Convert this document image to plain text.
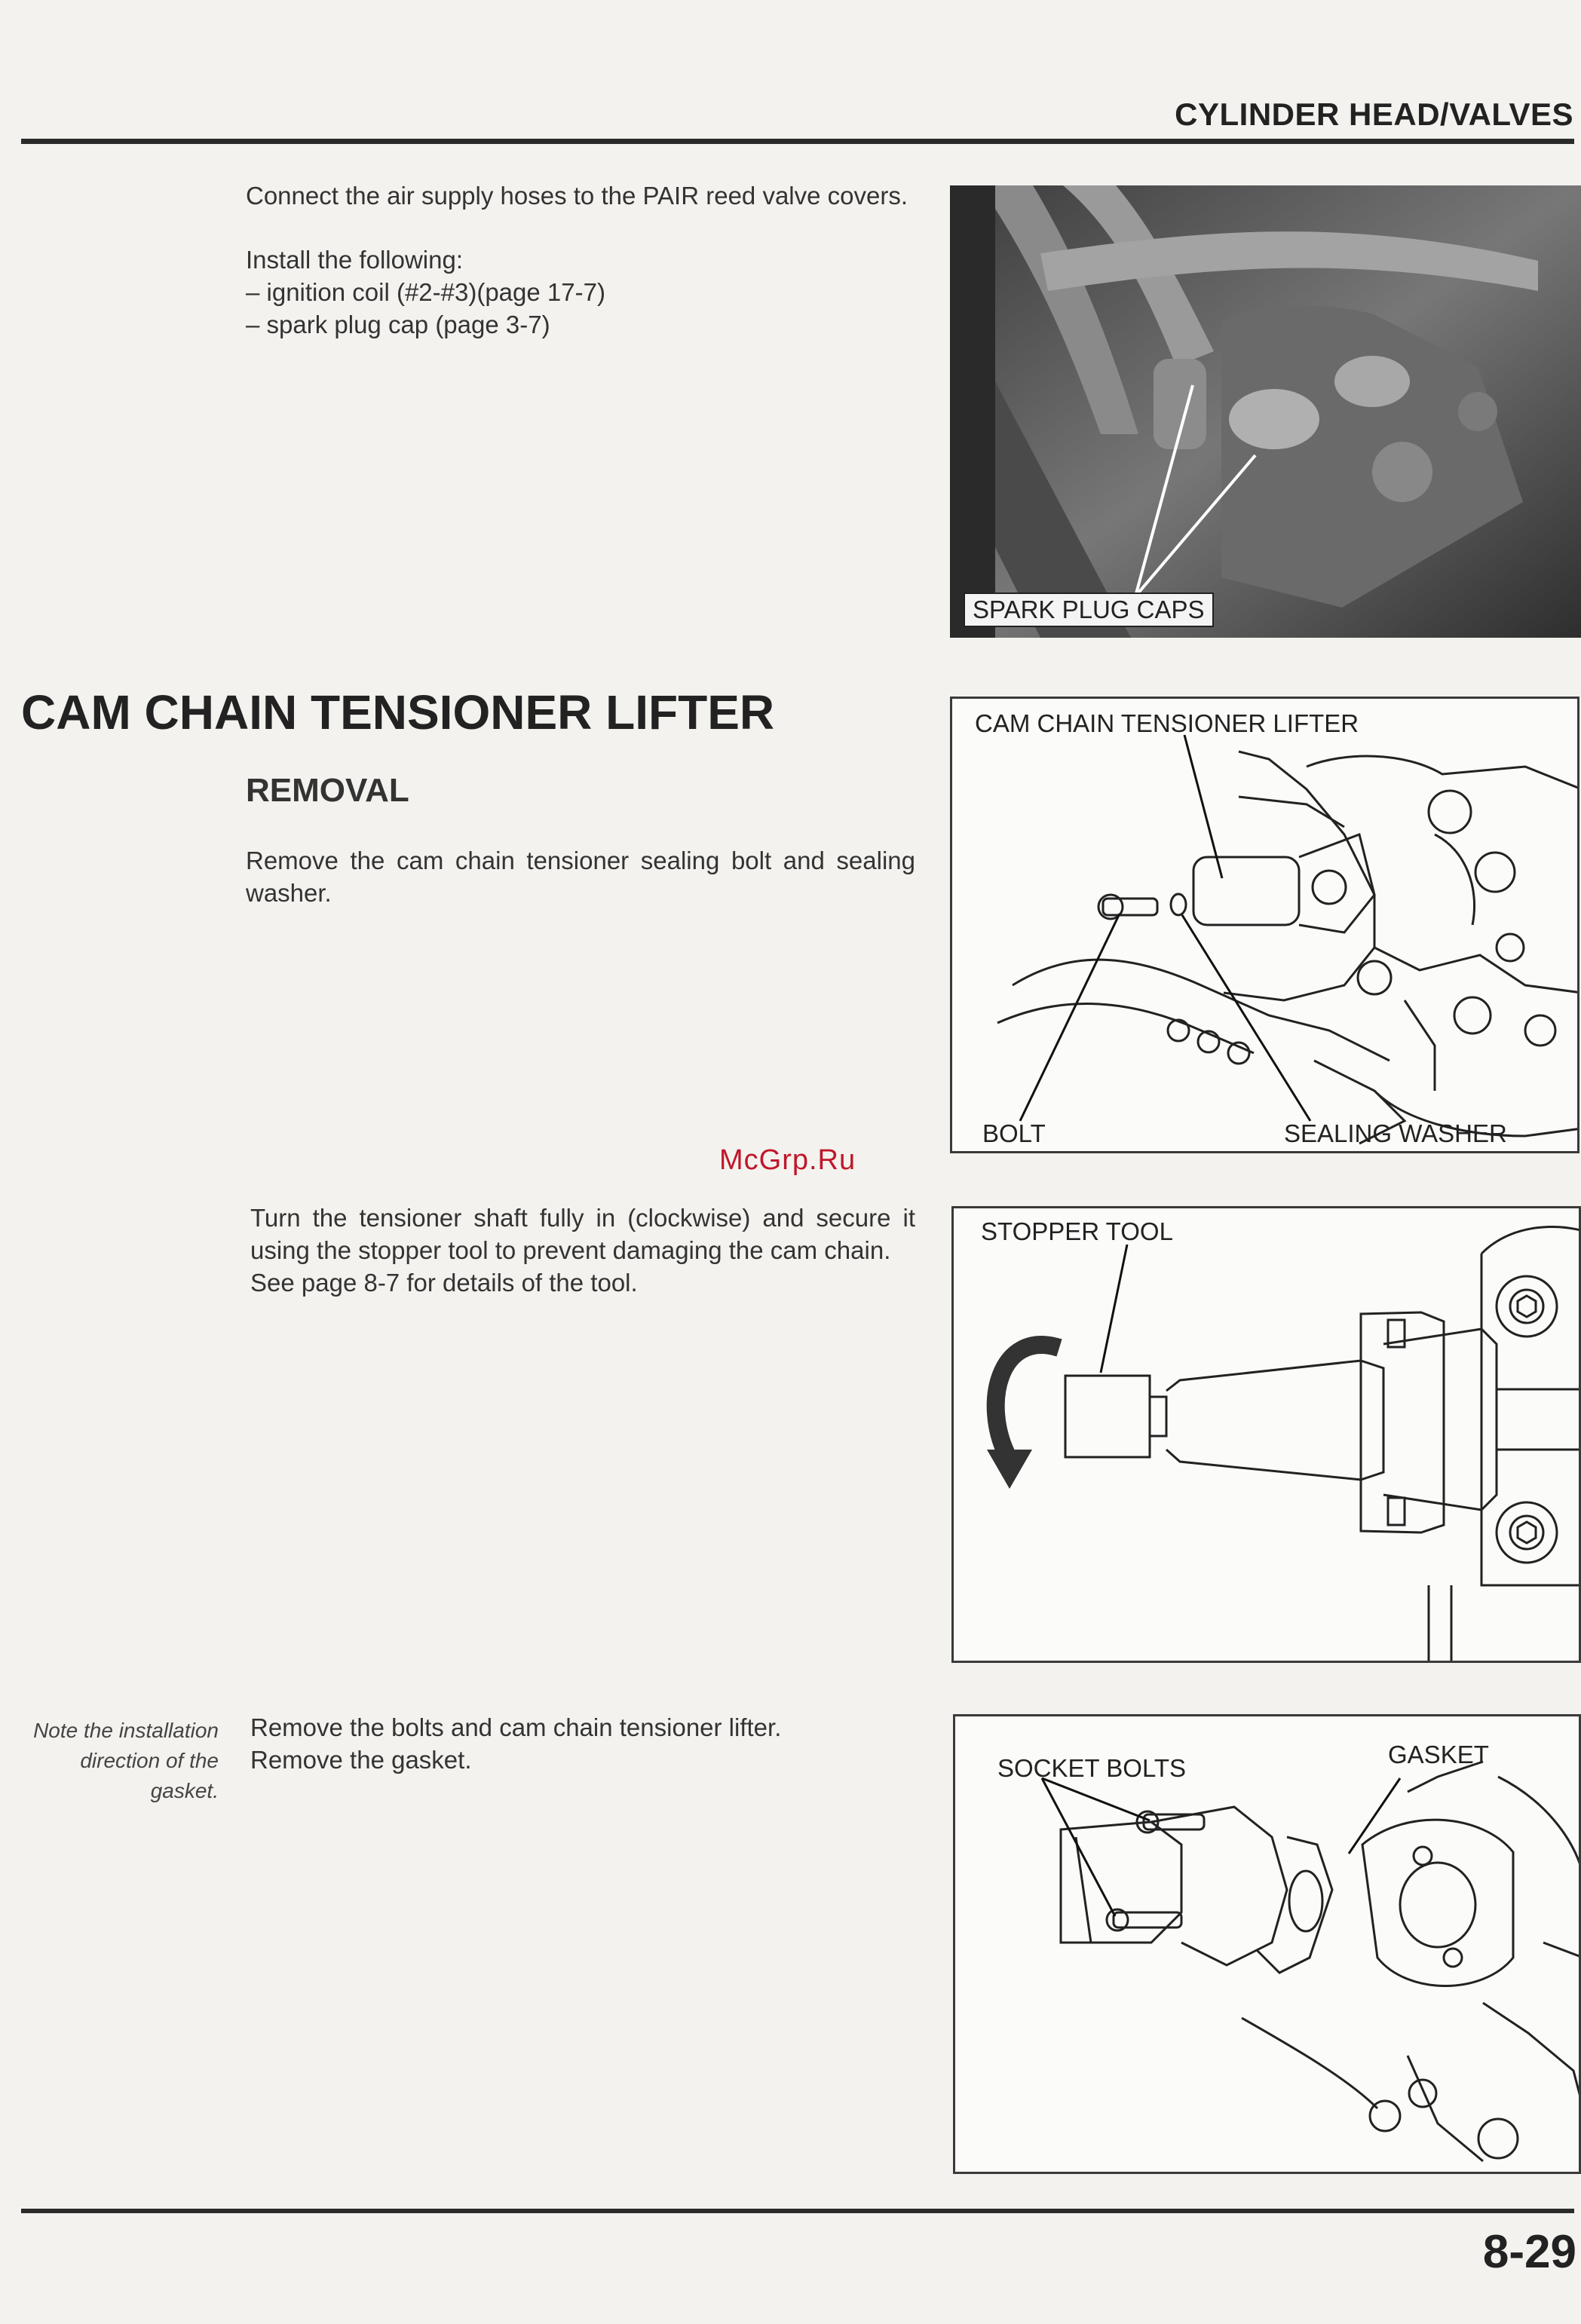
CYLINDER HEAD/VALVES

Connect the air supply hoses to the PAIR reed valve covers.

Install the following:

– ignition coil (#2-#3)(page 17-7)

– spark plug cap (page 3-7)

SPARK PLUG CAPS
CAM CHAIN TENSIONER LIFTER
REMOVAL
Remove the cam chain tensioner sealing bolt and sealing washer.
CAM CHAIN TENSIONER LIFTER
BOLT	SEALING WASHER
McGrp.Ru

Turn the tensioner shaft fully in (clockwise) and secure it using the stopper tool to prevent damaging the cam chain.

See page 8-7 for details of the tool.

STOPPER TOOL
Note the installation direction of the gasket.

Remove the bolts and cam chain tensioner lifter.

Remove the gasket.	SOCKET BOLTS	GASKET
8-29
